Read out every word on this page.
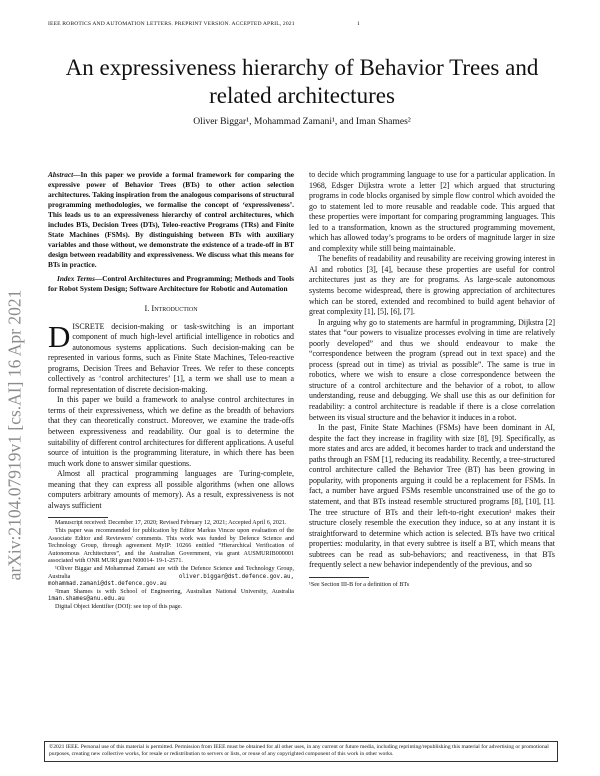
IEEE ROBOTICS AND AUTOMATION LETTERS. PREPRINT VERSION. ACCEPTED APRIL, 2021	1
An expressiveness hierarchy of Behavior Trees and related architectures
Oliver Biggar¹, Mohammad Zamani¹, and Iman Shames²
arXiv:2104.07919v1 [cs.AI] 16 Apr 2021

Abstract—In this paper we provide a formal framework for comparing the expressive power of Behavior Trees (BTs) to other action selection architectures. Taking inspiration from the analogous comparisons of structural programming methodologies, we formalise the concept of ‘expressiveness’. This leads us to an expressiveness hierarchy of control architectures, which includes BTs, Decision Trees (DTs), Teleo-reactive Programs (TRs) and Finite State Machines (FSMs). By distinguishing between BTs with auxiliary variables and those without, we demonstrate the existence of a trade-off in BT design between readability and expressiveness. We discuss what this means for BTs in practice.

Index Terms—Control Architectures and Programming; Methods and Tools for Robot System Design; Software Architecture for Robotic and Automation

I. Introduction

DISCRETE decision-making or task-switching is an important component of much high-level artificial intelligence in robotics and autonomous systems applications. Such decision-making can be represented in various forms, such as Finite State Machines, Teleo-reactive programs, Decision Trees and Behavior Trees. We refer to these concepts collectively as ‘control architectures’ [1], a term we shall use to mean a formal representation of discrete decision-making.

In this paper we build a framework to analyse control architectures in terms of their expressiveness, which we define as the breadth of behaviors that they can theoretically construct. Moreover, we examine the trade-offs between expressiveness and readability. Our goal is to determine the suitability of different control architectures for different applications. A useful source of intuition is the programming literature, in which there has been much work done to answer similar questions.

Almost all practical programming languages are Turing-complete, meaning that they can express all possible algorithms (when one allows computers arbitrary amounts of memory). As a result, expressiveness is not always sufficient

Manuscript received: December 17, 2020; Revised February 12, 2021; Accepted April 6, 2021.

This paper was recommended for publication by Editor Markus Vincze upon evaluation of the Associate Editor and Reviewers' comments. This work was funded by Defence Science and Technology Group, through agreement MyIP: 10266 entitled “Hierarchical Verification of Autonomous Architectures”, and the Australian Government, via grant AUSMURIB000001 associated with ONR MURI grant N00014- 19-1-2571.

¹Oliver Biggar and Mohammad Zamani are with the Defence Science and Technology Group, Australia	oliver.biggar@dst.defence.gov.au, mohammad.zamani@dst.defence.gov.au

²Iman Shames is with School of Engineering, Australian National University, Australia iman.shames@anu.edu.au

Digital Object Identifier (DOI): see top of this page.

to decide which programming language to use for a particular application. In 1968, Edsger Dijkstra wrote a letter [2] which argued that structuring programs in code blocks organised by simple flow control which avoided the go to statement led to more reusable and readable code. This argued that these properties were important for comparing programming languages. This led to a transformation, known as the structured programming movement, which has allowed today’s programs to be orders of magnitude larger in size and complexity while still being maintainable.

The benefits of readability and reusability are receiving growing interest in AI and robotics [3], [4], because these properties are useful for control architectures just as they are for programs. As large-scale autonomous systems become widespread, there is growing appreciation of architectures which can be stored, extended and recombined to build agent behavior of great complexity [1], [5], [6], [7].

In arguing why go to statements are harmful in programming, Dijkstra [2] states that “our powers to visualize processes evolving in time are relatively poorly developed” and thus we should endeavour to make the “correspondence between the program (spread out in text space) and the process (spread out in time) as trivial as possible”. The same is true in robotics, where we wish to ensure a close correspondence between the structure of a control architecture and the behavior of a robot, to allow understanding, reuse and debugging. We shall use this as our definition for readability: a control architecture is readable if there is a close correlation between its visual structure and the behavior it induces in a robot.

In the past, Finite State Machines (FSMs) have been dominant in AI, despite the fact they increase in fragility with size [8], [9]. Specifically, as more states and arcs are added, it becomes harder to track and understand the paths through an FSM [1], reducing its readability. Recently, a tree-structured control architecture called the Behavior Tree (BT) has been growing in popularity, with proponents arguing it could be a replacement for FSMs. In fact, a number have argued FSMs resemble unconstrained use of the go to statement, and that BTs instead resemble structured programs [8], [10], [1]. The tree structure of BTs and their left-to-right execution¹ makes their structure closely resemble the execution they induce, so at any instant it is straightforward to determine which action is selected. BTs have two critical properties: modularity, in that every subtree is itself a BT, which means that subtrees can be read as sub-behaviors; and reactiveness, in that BTs frequently select a new behavior independently of the previous, and so

¹See Section III-B for a definition of BTs
©2021 IEEE. Personal use of this material is permitted. Permission from IEEE must be obtained for all other uses, in any current or future media, including reprinting/republishing this material for advertising or promotional purposes, creating new collective works, for resale or redistribution to servers or lists, or reuse of any copyrighted component of this work in other works.
